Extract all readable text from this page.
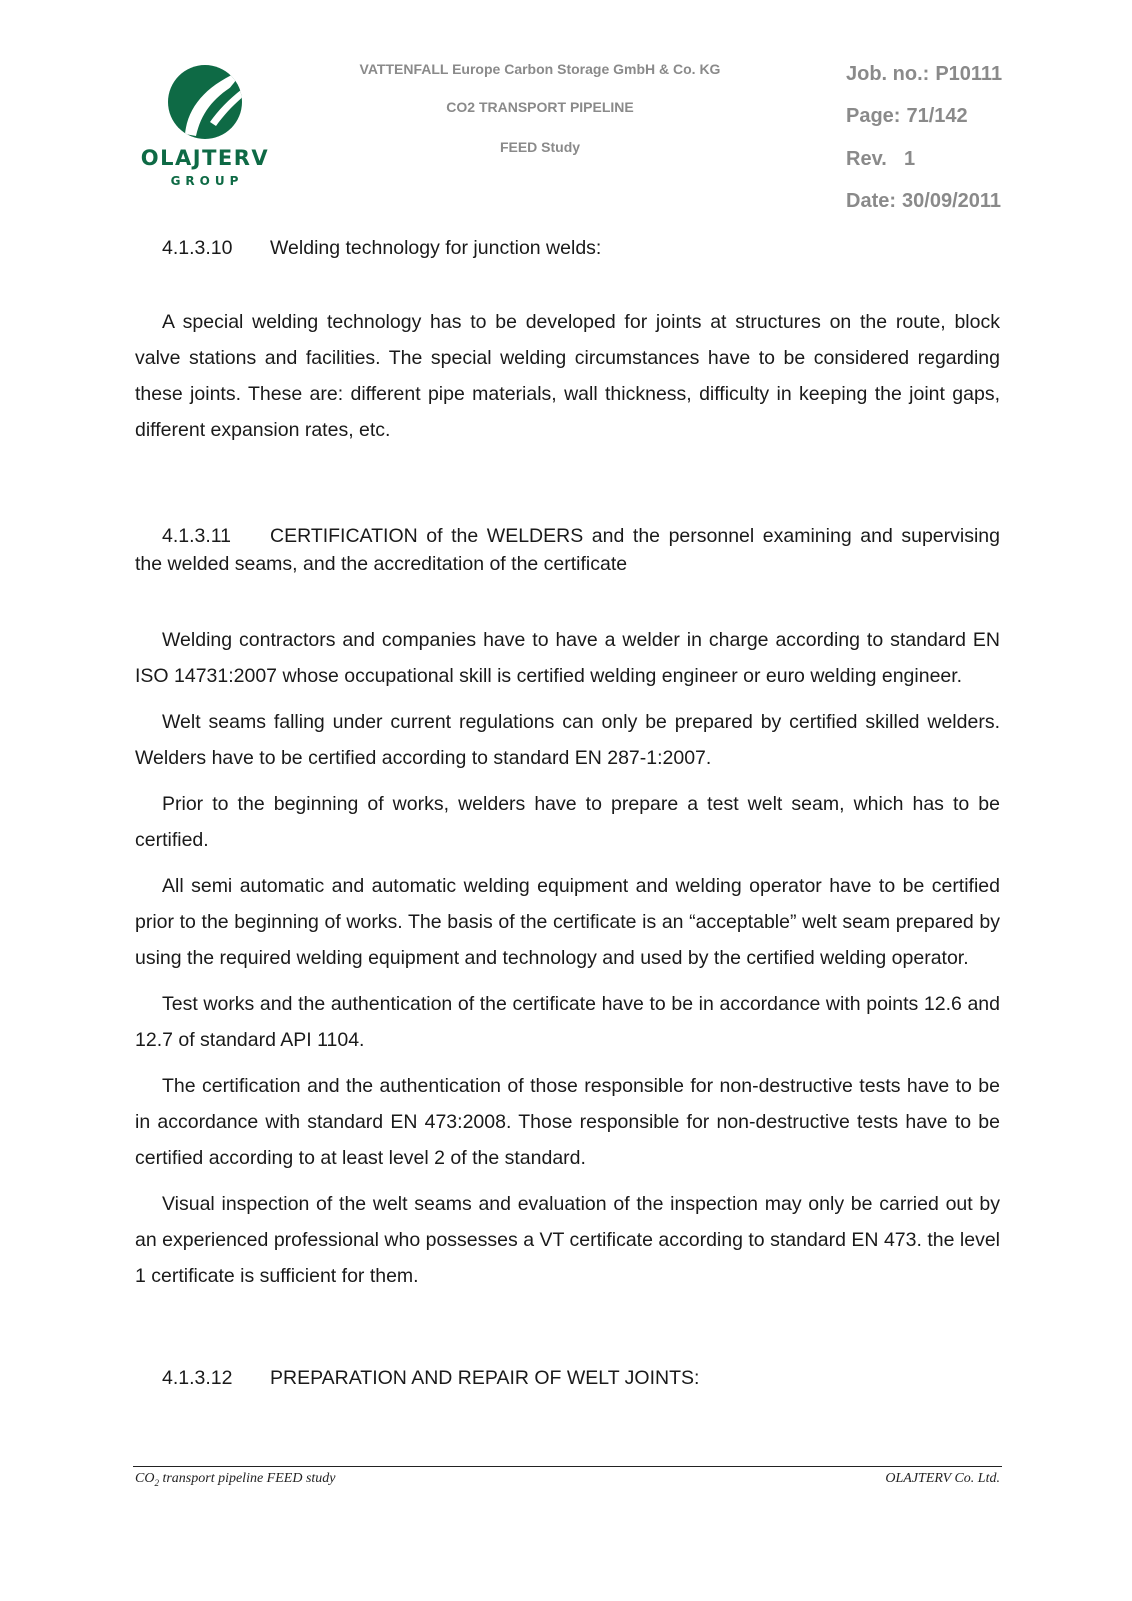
OLAJTERV
GROUP
VATTENFALL Europe Carbon Storage GmbH & Co. KG
CO2 TRANSPORT PIPELINE
FEED Study
Job. no.: P10111
Page: 71/142
Rev. 1
Date: 30/09/2011
4.1.3.10 Welding technology for junction welds:

A special welding technology has to be developed for joints at structures on the route, block valve stations and facilities. The special welding circumstances have to be considered regarding these joints. These are: different pipe materials, wall thickness, difficulty in keeping the joint gaps, different expansion rates, etc.

4.1.3.11 CERTIFICATION of the WELDERS and the personnel examining and supervising the welded seams, and the accreditation of the certificate

Welding contractors and companies have to have a welder in charge according to standard EN ISO 14731:2007 whose occupational skill is certified welding engineer or euro welding engineer.

Welt seams falling under current regulations can only be prepared by certified skilled welders. Welders have to be certified according to standard EN 287-1:2007.

Prior to the beginning of works, welders have to prepare a test welt seam, which has to be certified.

All semi automatic and automatic welding equipment and welding operator have to be certified prior to the beginning of works. The basis of the certificate is an “acceptable” welt seam prepared by using the required welding equipment and technology and used by the certified welding operator.

Test works and the authentication of the certificate have to be in accordance with points 12.6 and 12.7 of standard API 1104.

The certification and the authentication of those responsible for non-destructive tests have to be in accordance with standard EN 473:2008. Those responsible for non-destructive tests have to be certified according to at least level 2 of the standard.

Visual inspection of the welt seams and evaluation of the inspection may only be carried out by an experienced professional who possesses a VT certificate according to standard EN 473. the level 1 certificate is sufficient for them.

4.1.3.12 PREPARATION AND REPAIR OF WELT JOINTS:
$CO_2$ transport pipeline FEED study	OLAJTERV Co. Ltd.
